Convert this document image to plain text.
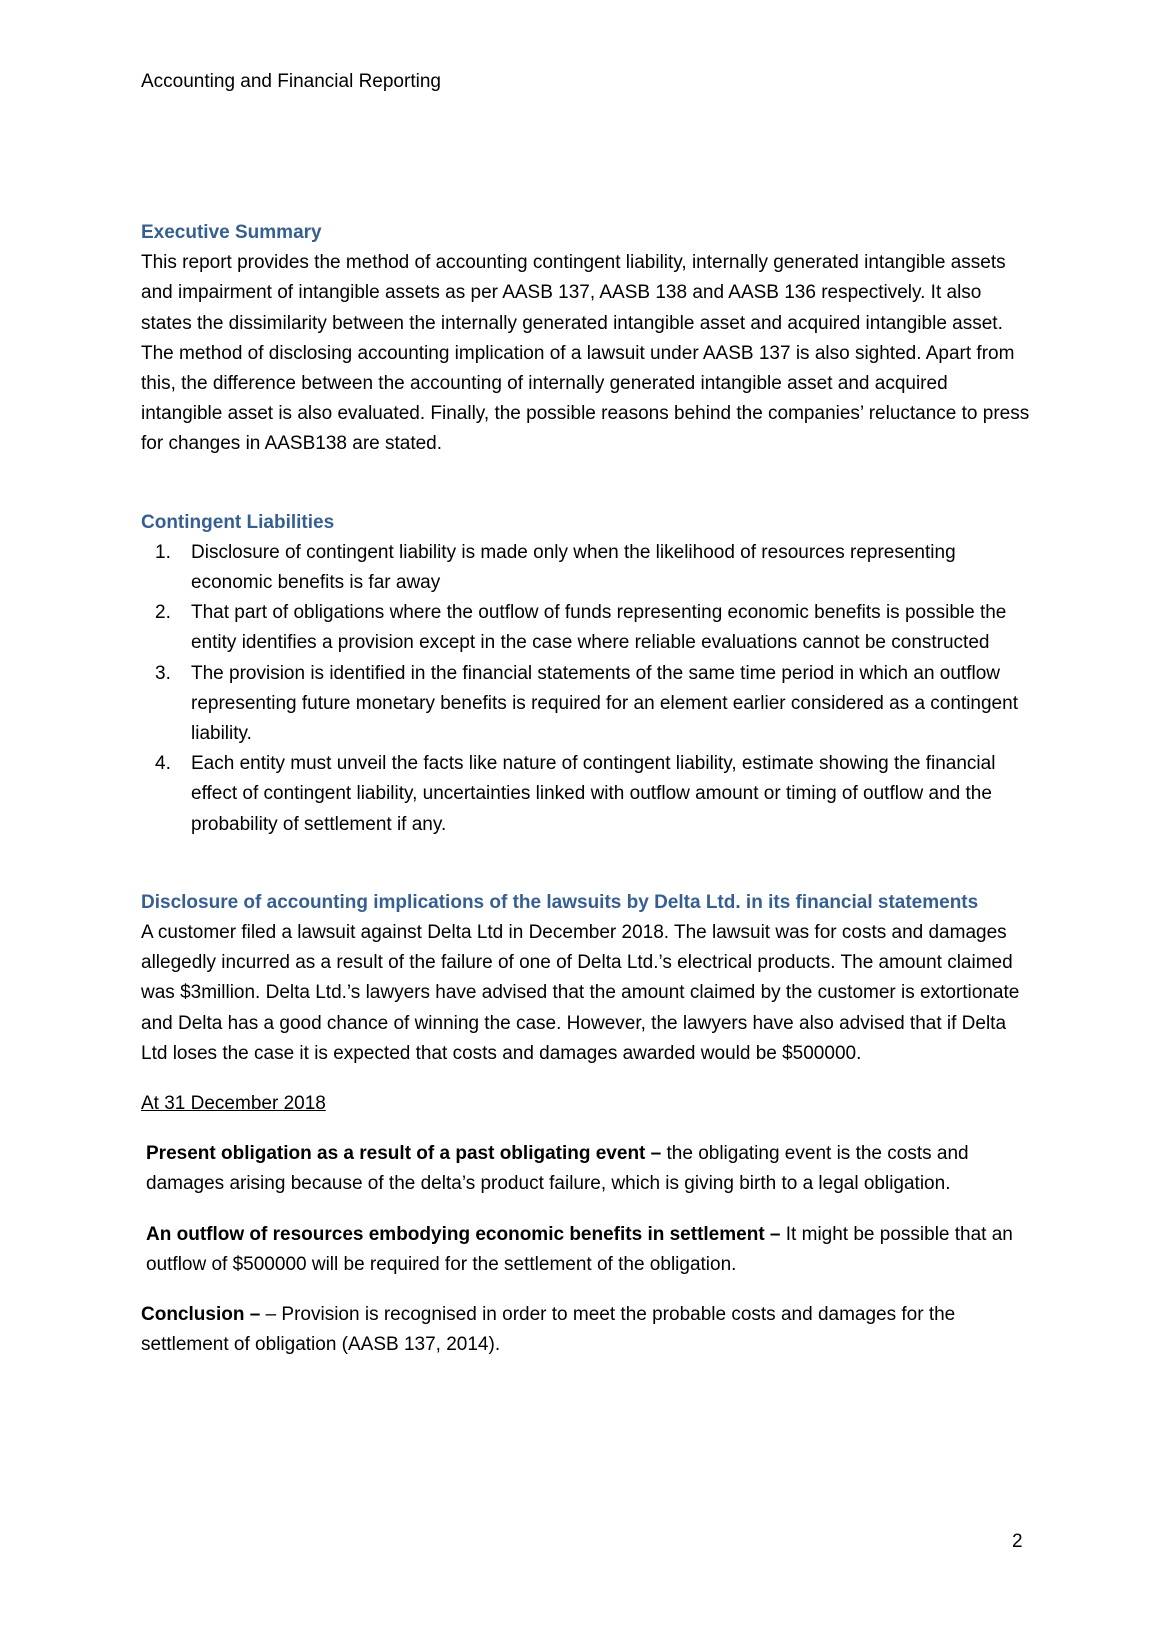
Accounting and Financial Reporting

Executive Summary

This report provides the method of accounting contingent liability, internally generated intangible assets and impairment of intangible assets as per AASB 137, AASB 138 and AASB 136 respectively. It also states the dissimilarity between the internally generated intangible asset and acquired intangible asset. The method of disclosing accounting implication of a lawsuit under AASB 137 is also sighted. Apart from this, the difference between the accounting of internally generated intangible asset and acquired intangible asset is also evaluated. Finally, the possible reasons behind the companies’ reluctance to press for changes in AASB138 are stated.

Contingent Liabilities

1. Disclosure of contingent liability is made only when the likelihood of resources representing economic benefits is far away
2. That part of obligations where the outflow of funds representing economic benefits is possible the entity identifies a provision except in the case where reliable evaluations cannot be constructed
3. The provision is identified in the financial statements of the same time period in which an outflow representing future monetary benefits is required for an element earlier considered as a contingent liability.
4. Each entity must unveil the facts like nature of contingent liability, estimate showing the financial effect of contingent liability, uncertainties linked with outflow amount or timing of outflow and the probability of settlement if any.

Disclosure of accounting implications of the lawsuits by Delta Ltd. in its financial statements

A customer filed a lawsuit against Delta Ltd in December 2018. The lawsuit was for costs and damages allegedly incurred as a result of the failure of one of Delta Ltd.’s electrical products. The amount claimed was $3million. Delta Ltd.’s lawyers have advised that the amount claimed by the customer is extortionate and Delta has a good chance of winning the case. However, the lawyers have also advised that if Delta Ltd loses the case it is expected that costs and damages awarded would be $500000.

At 31 December 2018

Present obligation as a result of a past obligating event – the obligating event is the costs and damages arising because of the delta’s product failure, which is giving birth to a legal obligation.

An outflow of resources embodying economic benefits in settlement – It might be possible that an outflow of $500000 will be required for the settlement of the obligation.

Conclusion – – Provision is recognised in order to meet the probable costs and damages for the settlement of obligation (AASB 137, 2014).

2
